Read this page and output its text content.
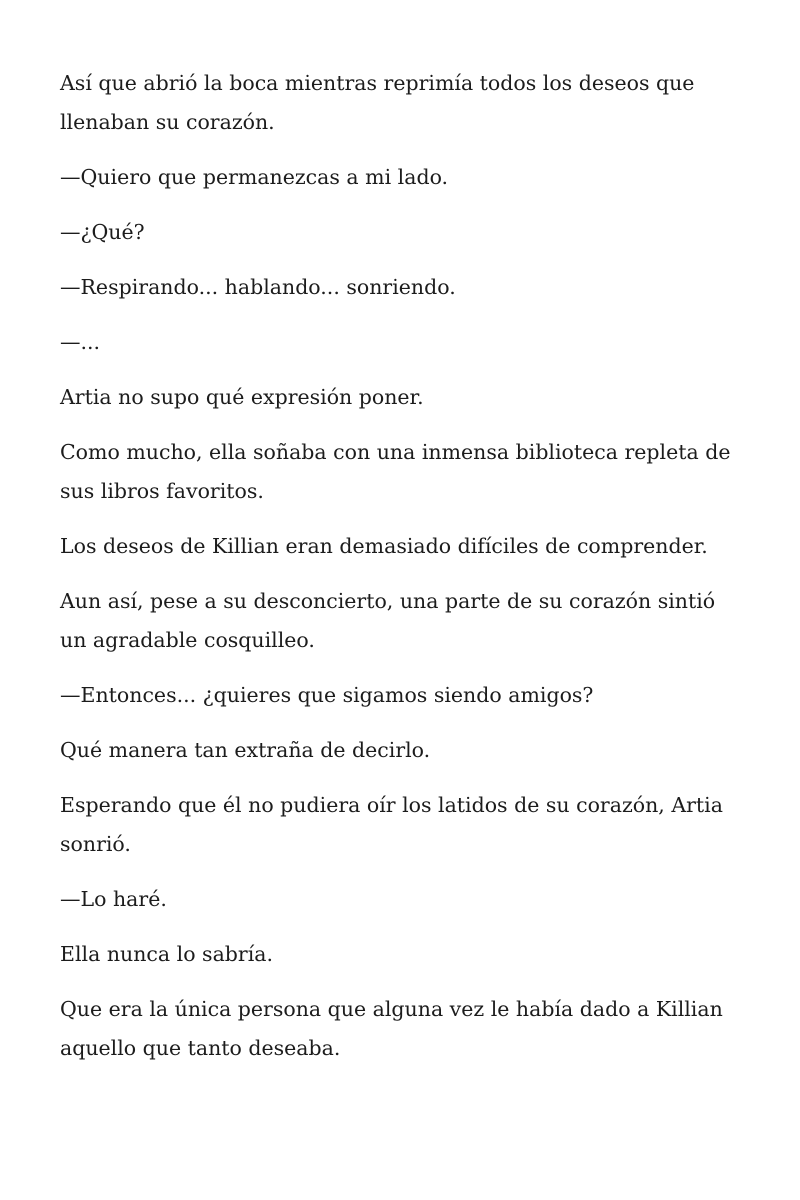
Así que abrió la boca mientras reprimía todos los deseos que llenaban su corazón.

—Quiero que permanezcas a mi lado.

—¿Qué?

—Respirando... hablando... sonriendo.

—...

Artia no supo qué expresión poner.

Como mucho, ella soñaba con una inmensa biblioteca repleta de sus libros favoritos.

Los deseos de Killian eran demasiado difíciles de comprender.

Aun así, pese a su desconcierto, una parte de su corazón sintió un agradable cosquilleo.

—Entonces... ¿quieres que sigamos siendo amigos?

Qué manera tan extraña de decirlo.

Esperando que él no pudiera oír los latidos de su corazón, Artia sonrió.

—Lo haré.

Ella nunca lo sabría.

Que era la única persona que alguna vez le había dado a Killian aquello que tanto deseaba.
